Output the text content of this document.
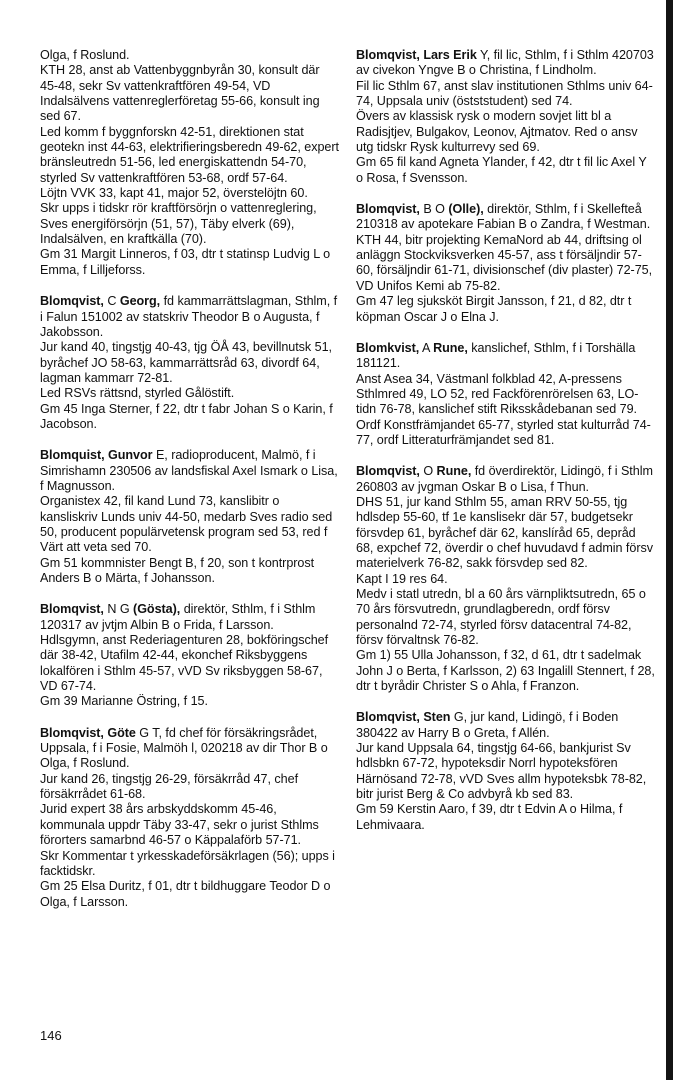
Olga, f Roslund.

KTH 28, anst ab Vattenbyggnbyrån 30, konsult där 45-48, sekr Sv vattenkraftfören 49-54, VD Indalsälvens vattenreglerföretag 55-66, konsult ing sed 67.

Led komm f byggnforskn 42-51, direktionen stat geotekn inst 44-63, elektrifieringsberedn 49-62, expert bränsleutredn 51-56, led energiskattendn 54-70, styrled Sv vattenkraftfören 53-68, ordf 57-64.

Löjtn VVK 33, kapt 41, major 52, överstelöjtn 60.

Skr upps i tidskr rör kraftförsörjn o vattenreglering, Sves energiförsörjn (51, 57), Täby elverk (69), Indalsälven, en kraftkälla (70).

Gm 31 Margit Linneros, f 03, dtr t statinsp Ludvig L o Emma, f Lilljeforss.

Blomqvist, C Georg, fd kammarrättslagman, Sthlm, f i Falun 151002 av statskriv Theodor B o Augusta, f Jakobsson.

Jur kand 40, tingstjg 40-43, tjg ÖÅ 43, bevillnutsk 51, byråchef JO 58-63, kammarrättsråd 63, divordf 64, lagman kammarr 72-81.

Led RSVs rättsnd, styrled Gålöstift.

Gm 45 Inga Sterner, f 22, dtr t fabr Johan S o Karin, f Jacobson.

Blomquist, Gunvor E, radioproducent, Malmö, f i Simrishamn 230506 av landsfiskal Axel Ismark o Lisa, f Magnusson.

Organistex 42, fil kand Lund 73, kanslibitr o kansliskriv Lunds univ 44-50, medarb Sves radio sed 50, producent populärvetensk program sed 53, red f Värt att veta sed 70.

Gm 51 kommnister Bengt B, f 20, son t kontrprost Anders B o Märta, f Johansson.

Blomqvist, N G (Gösta), direktör, Sthlm, f i Sthlm 120317 av jvtjm Albin B o Frida, f Larsson.

Hdlsgymn, anst Rederiagenturen 28, bokföringschef där 38-42, Utafilm 42-44, ekonchef Riksbyggens lokalfören i Sthlm 45-57, vVD Sv riksbyggen 58-67, VD 67-74.

Gm 39 Marianne Östring, f 15.

Blomqvist, Göte G T, fd chef för försäkringsrådet, Uppsala, f i Fosie, Malmöh l, 020218 av dir Thor B o Olga, f Roslund.

Jur kand 26, tingstjg 26-29, försäkrråd 47, chef försäkrrådet 61-68.

Jurid expert 38 års arbskyddskomm 45-46, kommunala uppdr Täby 33-47, sekr o jurist Sthlms förorters samarbnd 46-57 o Käppalaförb 57-71.

Skr Kommentar t yrkesskadeförsäkrlagen (56); upps i facktidskr.

Gm 25 Elsa Duritz, f 01, dtr t bildhuggare Teodor D o Olga, f Larsson.

Blomqvist, Lars Erik Y, fil lic, Sthlm, f i Sthlm 420703 av civekon Yngve B o Christina, f Lindholm.

Fil lic Sthlm 67, anst slav institutionen Sthlms univ 64-74, Uppsala univ (östststudent) sed 74.

Övers av klassisk rysk o modern sovjet litt bl a Radisjtjev, Bulgakov, Leonov, Ajtmatov. Red o ansv utg tidskr Rysk kulturrevy sed 69.

Gm 65 fil kand Agneta Ylander, f 42, dtr t fil lic Axel Y o Rosa, f Svensson.

Blomqvist, B O (Olle), direktör, Sthlm, f i Skellefteå 210318 av apotekare Fabian B o Zandra, f Westman.

KTH 44, bitr projekting KemaNord ab 44, driftsing ol anläggn Stockviksverken 45-57, ass t försäljndir 57-60, försäljndir 61-71, divisionschef (div plaster) 72-75, VD Unifos Kemi ab 75-82.

Gm 47 leg sjuksköt Birgit Jansson, f 21, d 82, dtr t köpman Oscar J o Elna J.

Blomkvist, A Rune, kanslichef, Sthlm, f i Torshälla 181121.

Anst Asea 34, Västmanl folkblad 42, A-pressens Sthlmred 49, LO 52, red Fackförenrörelsen 63, LO-tidn 76-78, kanslichef stift Riksskådebanan sed 79.

Ordf Konstfrämjandet 65-77, styrled stat kulturråd 74-77, ordf Litteraturfrämjandet sed 81.

Blomqvist, O Rune, fd överdirektör, Lidingö, f i Sthlm 260803 av jvgman Oskar B o Lisa, f Thun.

DHS 51, jur kand Sthlm 55, aman RRV 50-55, tjg hdlsdep 55-60, tf 1e kanslisekr där 57, budgetsekr försvdep 61, byråchef där 62, kanslíråd 65, depråd 68, expchef 72, överdir o chef huvudavd f admin försv materielverk 76-82, sakk försvdep sed 82.

Kapt I 19 res 64.

Medv i statl utredn, bl a 60 års värnpliktsutredn, 65 o 70 års försvutredn, grundlagberedn, ordf försv personalnd 72-74, styrled försv datacentral 74-82, försv förvaltnsk 76-82.

Gm 1) 55 Ulla Johansson, f 32, d 61, dtr t sadelmak John J o Berta, f Karlsson, 2) 63 Ingalill Stennert, f 28, dtr t byrådir Christer S o Ahla, f Franzon.

Blomqvist, Sten G, jur kand, Lidingö, f i Boden 380422 av Harry B o Greta, f Allén.

Jur kand Uppsala 64, tingstjg 64-66, bankjurist Sv hdlsbkn 67-72, hypoteksdir Norrl hypoteksfören Härnösand 72-78, vVD Sves allm hypoteksbk 78-82, bitr jurist Berg & Co advbyrå kb sed 83.

Gm 59 Kerstin Aaro, f 39, dtr t Edvin A o Hilma, f Lehmivaara.

146
